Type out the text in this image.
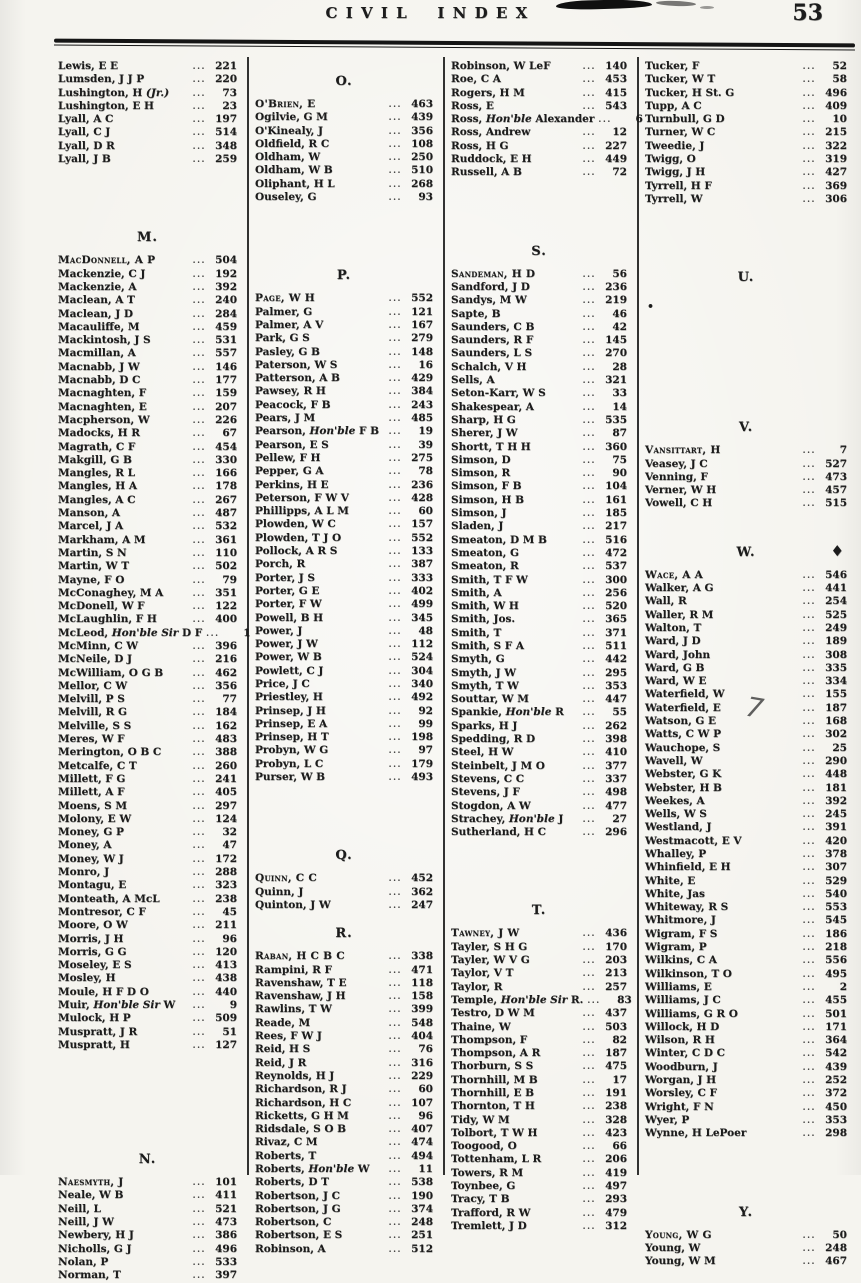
CIVIL INDEX	53
Lewis, E E	... 221
Lumsden, J J P	... 220
Lushington, H (Jr.)	...	73
Lushington, E H	...	23
Lyall, A C	... 197
Lyall, C J	... 514
Lyall, D R	... 348
Lyall, J B	... 259
M.
MacDonnell, A P	... 504
Mackenzie, C J	... 192
Mackenzie, A	... 392
Maclean, A T	... 240
Maclean, J D	... 284
Macauliffe, M	... 459
Mackintosh, J S	... 531
Macmillan, A	... 557
Macnabb, J W	... 146
Macnabb, D C	... 177
Macnaghten, F	... 159
Macnaghten, E	... 207
Macpherson, W	... 226
Madocks, H R	...	67
Magrath, C F	... 454
Makgill, G B	... 330
Mangles, R L	... 166
Mangles, H A	... 178
Mangles, A C	... 267
Manson, A	... 487
Marcel, J A	... 532
Markham, A M	... 361
Martin, S N	... 110
Martin, W T	... 502
Mayne, F O	...	79
McConaghey, M A	... 351
McDonell, W F	... 122
McLaughlin, F H	... 400
McLeod, Hon'ble Sir D F ...	1
McMinn, C W	... 396
McNeile, D J	... 216
McWilliam, O G B	... 462
Mellor, C W	... 356
Melvill, P S	...	77
Melvill, R G	... 184
Melville, S S	... 162
Meres, W F	... 483
Merington, O B C	... 388
Metcalfe, C T	... 260
Millett, F G	... 241
Millett, A F	... 405
Moens, S M	... 297
Molony, E W	... 124
Money, G P	...	32
Money, A	...	47
Money, W J	... 172
Monro, J	... 288
Montagu, E	... 323
Monteath, A McL	... 238
Montresor, C F	...	45
Moore, O W	... 211
Morris, J H	...	96
Morris, G G	... 120
Moseley, E S	... 413
Mosley, H	... 438
Moule, H F D O	... 440
Muir, Hon'ble Sir W	...	9
Mulock, H P	... 509
Muspratt, J R	...	51
Muspratt, H	... 127
N.
Naesmyth, J	... 101
Neale, W B	... 411
Neill, L	... 521
Neill, J W	... 473
Newbery, H J	... 386
Nicholls, G J	... 496
Nolan, P	... 533
Norman, T	... 397
O.
O'Brien, E	... 463
Ogilvie, G M	... 439
O'Kinealy, J	... 356
Oldfield, R C	... 108
Oldham, W	... 250
Oldham, W B	... 510
Oliphant, H L	... 268
Ouseley, G	...	93
P.
Page, W H	... 552
Palmer, G	... 121
Palmer, A V	... 167
Park, G S	... 279
Pasley, G B	... 148
Paterson, W S	...	16
Patterson, A B	... 429
Pawsey, R H	... 384
Peacock, F B	... 243
Pears, J M	... 485
Pearson, Hon'ble F B	...	19
Pearson, E S	...	39
Pellew, F H	... 275
Pepper, G A	...	78
Perkins, H E	... 236
Peterson, F W V	... 428
Phillipps, A L M	...	60
Plowden, W C	... 157
Plowden, T J O	... 552
Pollock, A R S	... 133
Porch, R	... 387
Porter, J S	... 333
Porter, G E	... 402
Porter, F W	... 499
Powell, B H	... 345
Power, J	...	48
Power, J W	... 112
Power, W B	... 524
Powlett, C J	... 304
Price, J C	... 340
Priestley, H	... 492
Prinsep, J H	...	92
Prinsep, E A	...	99
Prinsep, H T	... 198
Probyn, W G	...	97
Probyn, L C	... 179
Purser, W B	... 493
Q.
Quinn, C C	... 452
Quinn, J	... 362
Quinton, J W	... 247
R.
Raban, H C B C	... 338
Rampini, R F	... 471
Ravenshaw, T E	... 118
Ravenshaw, J H	... 158
Rawlins, T W	... 399
Reade, M	... 548
Rees, F W J	... 404
Reid, H S	...	76
Reid, J R	... 316
Reynolds, H J	... 229
Richardson, R J	...	60
Richardson, H C	... 107
Ricketts, G H M	...	96
Ridsdale, S O B	... 407
Rivaz, C M	... 474
Roberts, T	... 494
Roberts, Hon'ble W	...	11
Roberts, D T	... 538
Robertson, J C	... 190
Robertson, J G	... 374
Robertson, C	... 248
Robertson, E S	... 251
Robinson, A	... 512
Robinson, W LeF	... 140
Roe, C A	... 453
Rogers, H M	... 415
Ross, E	... 543
Ross, Hon'ble Alexander ...	6
Ross, Andrew	...	12
Ross, H G	... 227
Ruddock, E H	... 449
Russell, A B	...	72
S.
Sandeman, H D	...	56
Sandford, J D	... 236
Sandys, M W	... 219
Sapte, B	...	46
Saunders, C B	...	42
Saunders, R F	... 145
Saunders, L S	... 270
Schalch, V H	...	28
Sells, A	... 321
Seton-Karr, W S	...	33
Shakespear, A	...	14
Sharp, H G	... 535
Sherer, J W	...	87
Shortt, T H H	... 360
Simson, D	...	75
Simson, R	...	90
Simson, F B	... 104
Simson, H B	... 161
Simson, J	... 185
Sladen, J	... 217
Smeaton, D M B	... 516
Smeaton, G	... 472
Smeaton, R	... 537
Smith, T F W	... 300
Smith, A	... 256
Smith, W H	... 520
Smith, Jos.	... 365
Smith, T	... 371
Smith, S F A	... 511
Smyth, G	... 442
Smyth, J W	... 295
Smyth, T W	... 353
Souttar, W M	... 447
Spankie, Hon'ble R	...	55
Sparks, H J	... 262
Spedding, R D	... 398
Steel, H W	... 410
Steinbelt, J M O	... 377
Stevens, C C	... 337
Stevens, J F	... 498
Stogdon, A W	... 477
Strachey, Hon'ble J	...	27
Sutherland, H C	... 296
T.
Tawney, J W	... 436
Tayler, S H G	... 170
Tayler, W V G	... 203
Taylor, V T	... 213
Taylor, R	... 257
Temple, Hon'ble Sir R. ...	83
Testro, D W M	... 437
Thaine, W	... 503
Thompson, F	...	82
Thompson, A R	... 187
Thorburn, S S	... 475
Thornhill, M B	...	17
Thornhill, E B	... 191
Thornton, T H	... 238
Tidy, W M	... 328
Tolbort, T W H	... 423
Toogood, O	...	66
Tottenham, L R	... 206
Towers, R M	... 419
Toynbee, G	... 497
Tracy, T B	... 293
Trafford, R W	... 479
Tremlett, J D	... 312
Tucker, F	...	52
Tucker, W T	...	58
Tucker, H St. G	... 496
Tupp, A C	... 409
Turnbull, G D	...	10
Turner, W C	... 215
Tweedie, J	... 322
Twigg, O	... 319
Twigg, J H	... 427
Tyrrell, H F	... 369
Tyrrell, W	... 306
U.
•
V.
Vansittart, H	...	7
Veasey, J C	... 527
Venning, F	... 473
Verner, W H	... 457
Vowell, C H	... 515
W.	♦
Wace, A A	... 546
Walker, A G	... 441
Wall, R	... 254
Waller, R M	... 525
Walton, T	... 249
Ward, J D	... 189
Ward, John	... 308
Ward, G B	... 335
Ward, W E	... 334
Waterfield, W	... 155
Waterfield, E	... 187
Watson, G E	... 168
Watts, C W P	... 302
Wauchope, S	...	25
Wavell, W	... 290
Webster, G K	... 448
Webster, H B	... 181
Weekes, A	... 392
Wells, W S	... 245
Westland, J	... 391
Westmacott, E V	... 420
Whalley, P	... 378
Whinfield, E H	... 307
White, E	... 529
White, Jas	... 540
Whiteway, R S	... 553
Whitmore, J	... 545
Wigram, F S	... 186
Wigram, P	... 218
Wilkins, C A	... 556
Wilkinson, T O	... 495
Williams, E	...	2
Williams, J C	... 455
Williams, G R O	... 501
Willock, H D	... 171
Wilson, R H	... 364
Winter, C D C	... 542
Woodburn, J	... 439
Worgan, J H	... 252
Worsley, C F	... 372
Wright, F N	... 450
Wyer, P	... 353
Wynne, H LePoer	... 298
Y.
Young, W G	...	50
Young, W	... 248
Young, W M	... 467
7
